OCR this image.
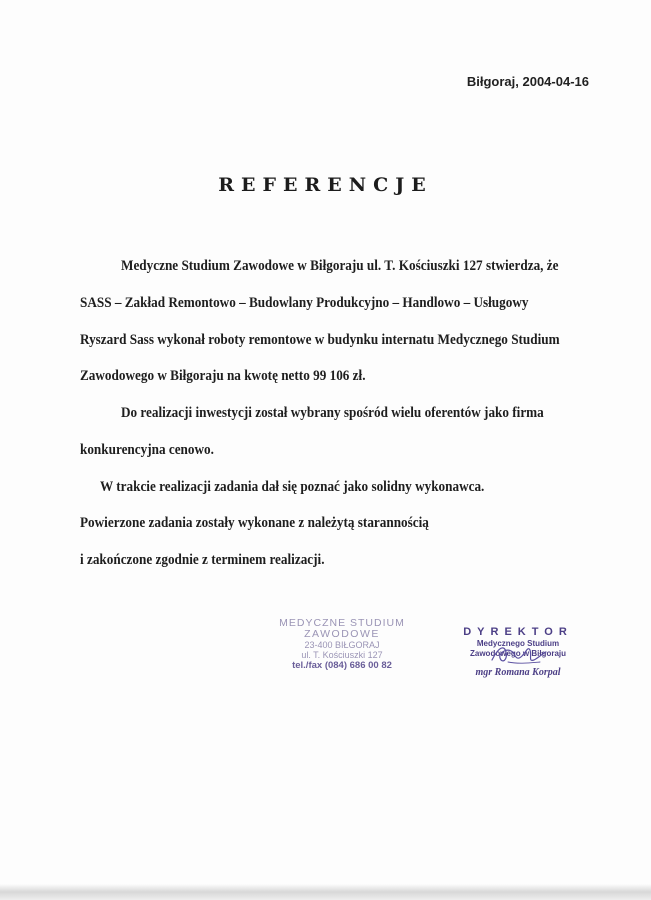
Biłgoraj, 2004-04-16
REFERENCJE
Medyczne Studium Zawodowe w Biłgoraju ul. T. Kościuszki 127 stwierdza, że
SASS – Zakład Remontowo – Budowlany Produkcyjno – Handlowo – Usługowy
Ryszard Sass wykonał roboty remontowe w budynku internatu Medycznego Studium
Zawodowego w Biłgoraju na kwotę netto 99 106 zł.
Do realizacji inwestycji został wybrany spośród wielu oferentów jako firma
konkurencyjna cenowo.
W trakcie realizacji zadania dał się poznać jako solidny wykonawca.
Powierzone zadania zostały wykonane z należytą starannością
i zakończone zgodnie z terminem realizacji.
MEDYCZNE STUDIUM
ZAWODOWE
23-400 BIŁGORAJ
ul. T. Kościuszki 127
tel./fax (084) 686 00 82
DYREKTOR
Medycznego Studium
Zawodowego w Biłgoraju
mgr Romana Korpal
